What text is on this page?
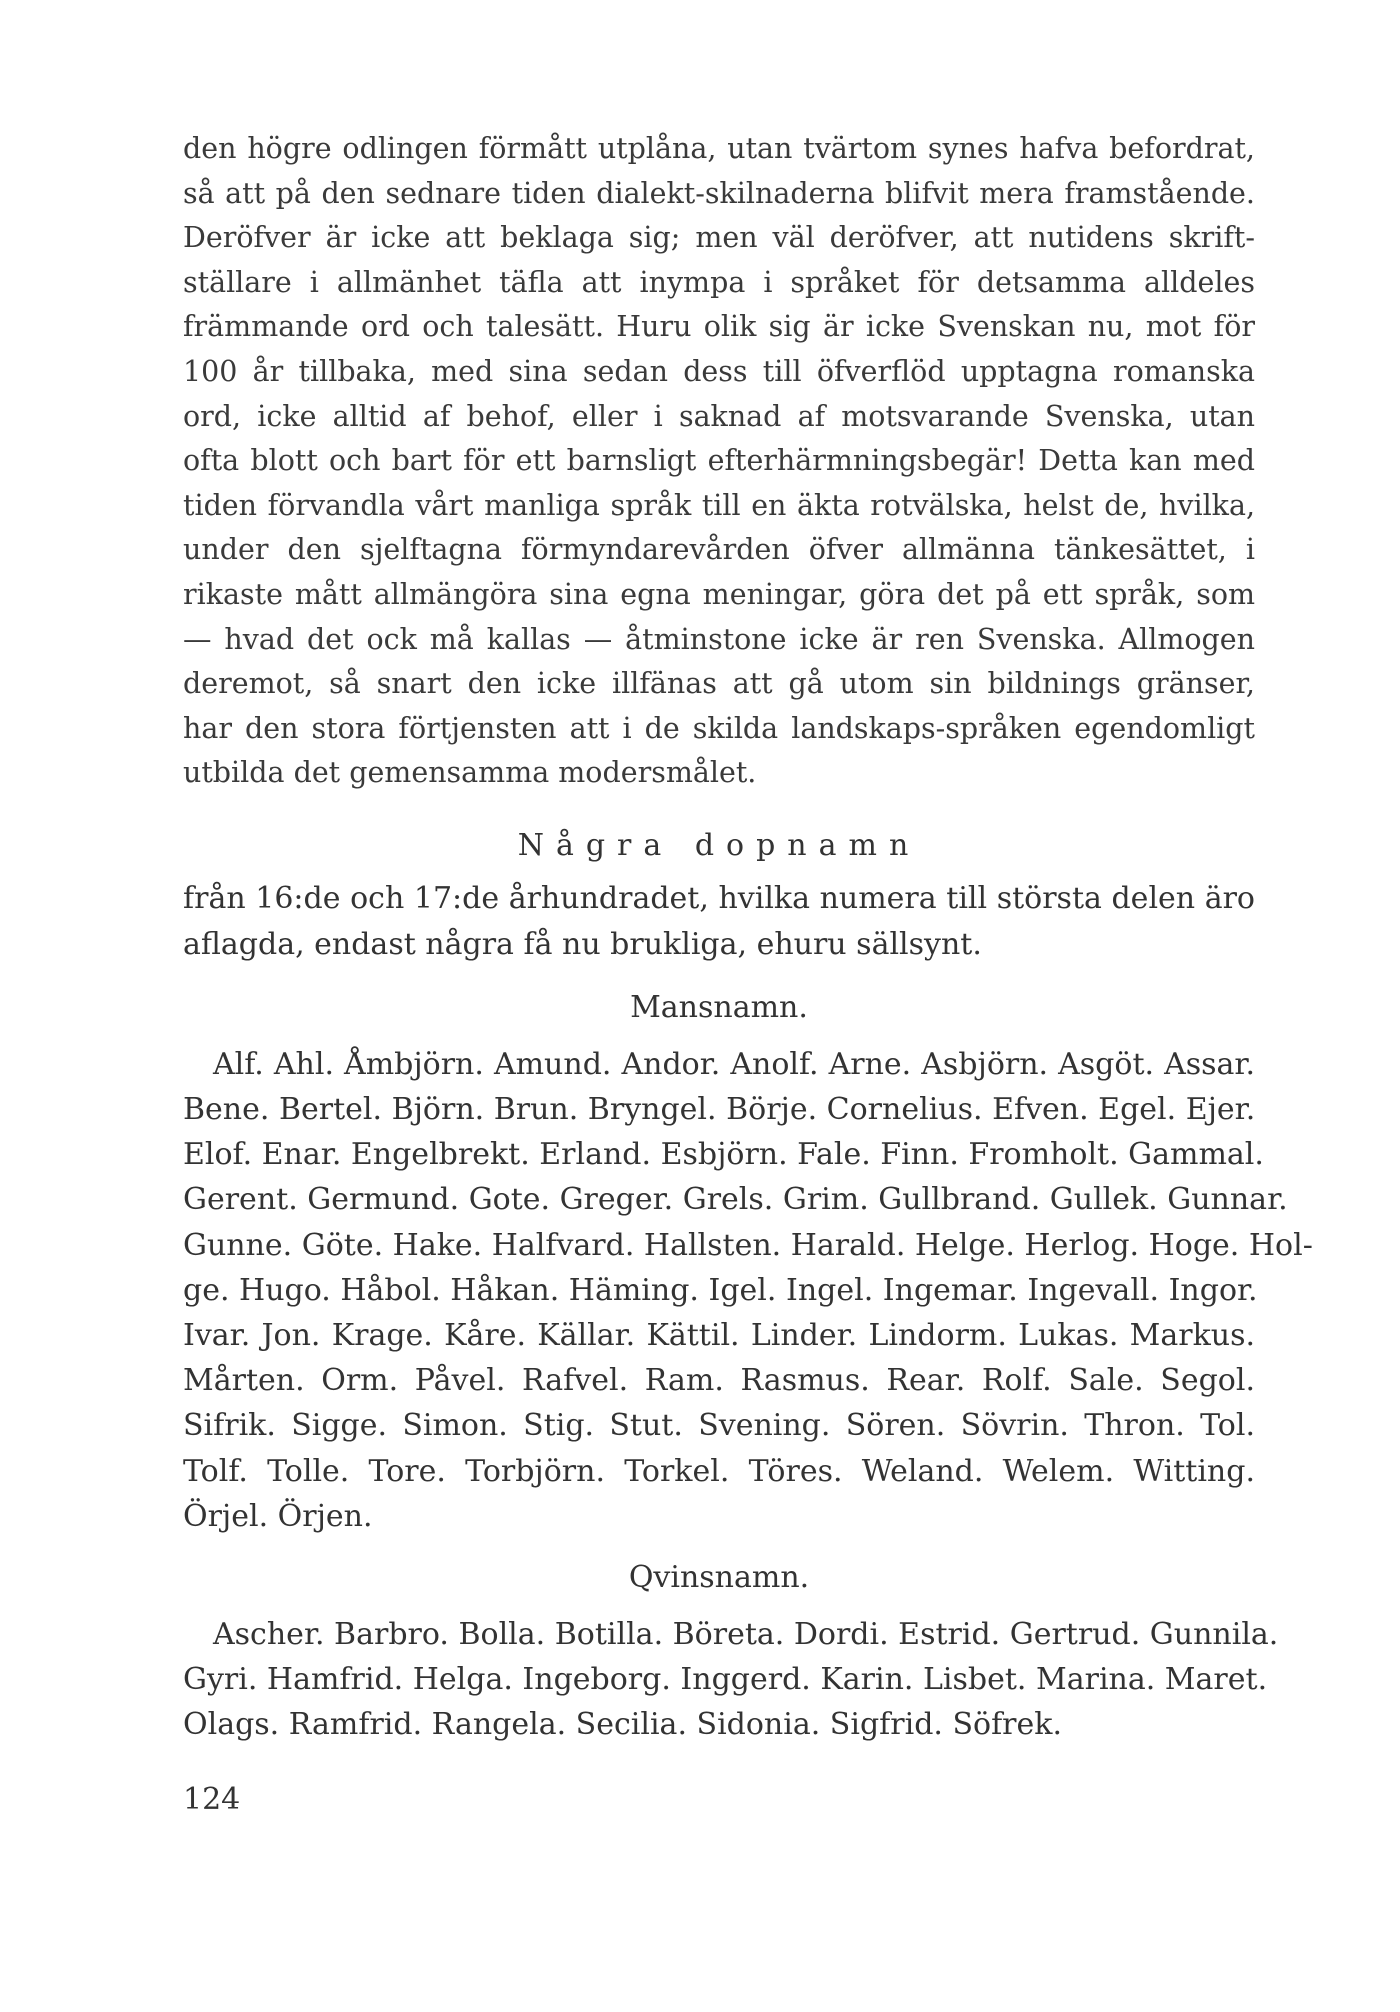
den högre odlingen förmått utplåna, utan tvärtom synes hafva befordrat,
så att på den sednare tiden dialekt-skilnaderna blifvit mera framstående.
Deröfver är icke att beklaga sig; men väl deröfver, att nutidens skrift-
ställare i allmänhet täfla att inympa i språket för detsamma alldeles
främmande ord och talesätt. Huru olik sig är icke Svenskan nu, mot för
100 år tillbaka, med sina sedan dess till öfverflöd upptagna romanska
ord, icke alltid af behof, eller i saknad af motsvarande Svenska, utan
ofta blott och bart för ett barnsligt efterhärmningsbegär! Detta kan med
tiden förvandla vårt manliga språk till en äkta rotvälska, helst de, hvilka,
under den sjelftagna förmyndarevården öfver allmänna tänkesättet, i
rikaste mått allmängöra sina egna meningar, göra det på ett språk, som
— hvad det ock må kallas — åtminstone icke är ren Svenska. Allmogen
deremot, så snart den icke illfänas att gå utom sin bildnings gränser,
har den stora förtjensten att i de skilda landskaps-språken egendomligt
utbilda det gemensamma modersmålet.
Några dopnamn
från 16:de och 17:de århundradet, hvilka numera till största delen äro
aflagda, endast några få nu brukliga, ehuru sällsynt.
Mansnamn.
Alf. Ahl. Åmbjörn. Amund. Andor. Anolf. Arne. Asbjörn. Asgöt. Assar.
Bene. Bertel. Björn. Brun. Bryngel. Börje. Cornelius. Efven. Egel. Ejer.
Elof. Enar. Engelbrekt. Erland. Esbjörn. Fale. Finn. Fromholt. Gammal.
Gerent. Germund. Gote. Greger. Grels. Grim. Gullbrand. Gullek. Gunnar.
Gunne. Göte. Hake. Halfvard. Hallsten. Harald. Helge. Herlog. Hoge. Hol-
ge. Hugo. Håbol. Håkan. Häming. Igel. Ingel. Ingemar. Ingevall. Ingor.
Ivar. Jon. Krage. Kåre. Källar. Kättil. Linder. Lindorm. Lukas. Markus.
Mårten. Orm. Påvel. Rafvel. Ram. Rasmus. Rear. Rolf. Sale. Segol.
Sifrik. Sigge. Simon. Stig. Stut. Svening. Sören. Sövrin. Thron. Tol.
Tolf. Tolle. Tore. Torbjörn. Torkel. Töres. Weland. Welem. Witting.
Örjel. Örjen.
Qvinsnamn.
Ascher. Barbro. Bolla. Botilla. Böreta. Dordi. Estrid. Gertrud. Gunnila.
Gyri. Hamfrid. Helga. Ingeborg. Inggerd. Karin. Lisbet. Marina. Maret.
Olags. Ramfrid. Rangela. Secilia. Sidonia. Sigfrid. Söfrek.
124
